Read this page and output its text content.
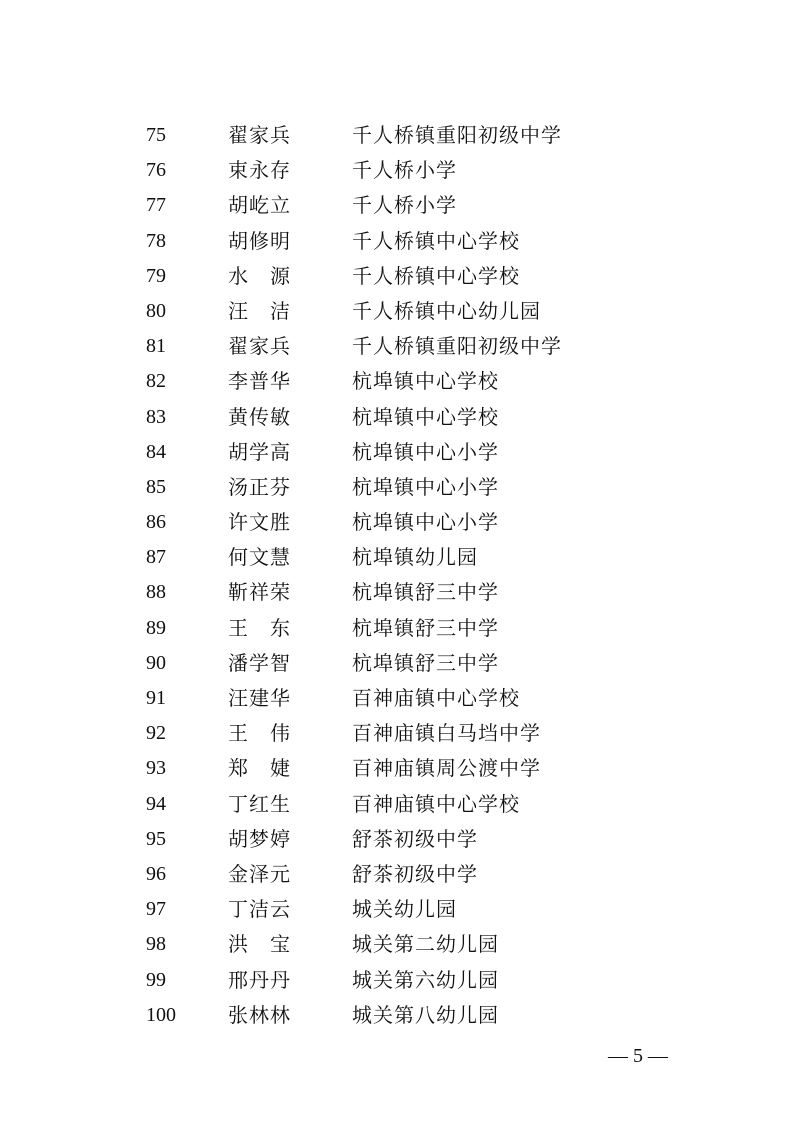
75	翟家兵	千人桥镇重阳初级中学
76	束永存	千人桥小学
77	胡屹立	千人桥小学
78	胡修明	千人桥镇中心学校
79	水源	千人桥镇中心学校
80	汪洁	千人桥镇中心幼儿园
81	翟家兵	千人桥镇重阳初级中学
82	李普华	杭埠镇中心学校
83	黄传敏	杭埠镇中心学校
84	胡学高	杭埠镇中心小学
85	汤正芬	杭埠镇中心小学
86	许文胜	杭埠镇中心小学
87	何文慧	杭埠镇幼儿园
88	靳祥荣	杭埠镇舒三中学
89	王东	杭埠镇舒三中学
90	潘学智	杭埠镇舒三中学
91	汪建华	百神庙镇中心学校
92	王伟	百神庙镇白马垱中学
93	郑婕	百神庙镇周公渡中学
94	丁红生	百神庙镇中心学校
95	胡梦婷	舒茶初级中学
96	金泽元	舒茶初级中学
97	丁洁云	城关幼儿园
98	洪宝	城关第二幼儿园
99	邢丹丹	城关第六幼儿园
100	张林林	城关第八幼儿园
— 5 —
